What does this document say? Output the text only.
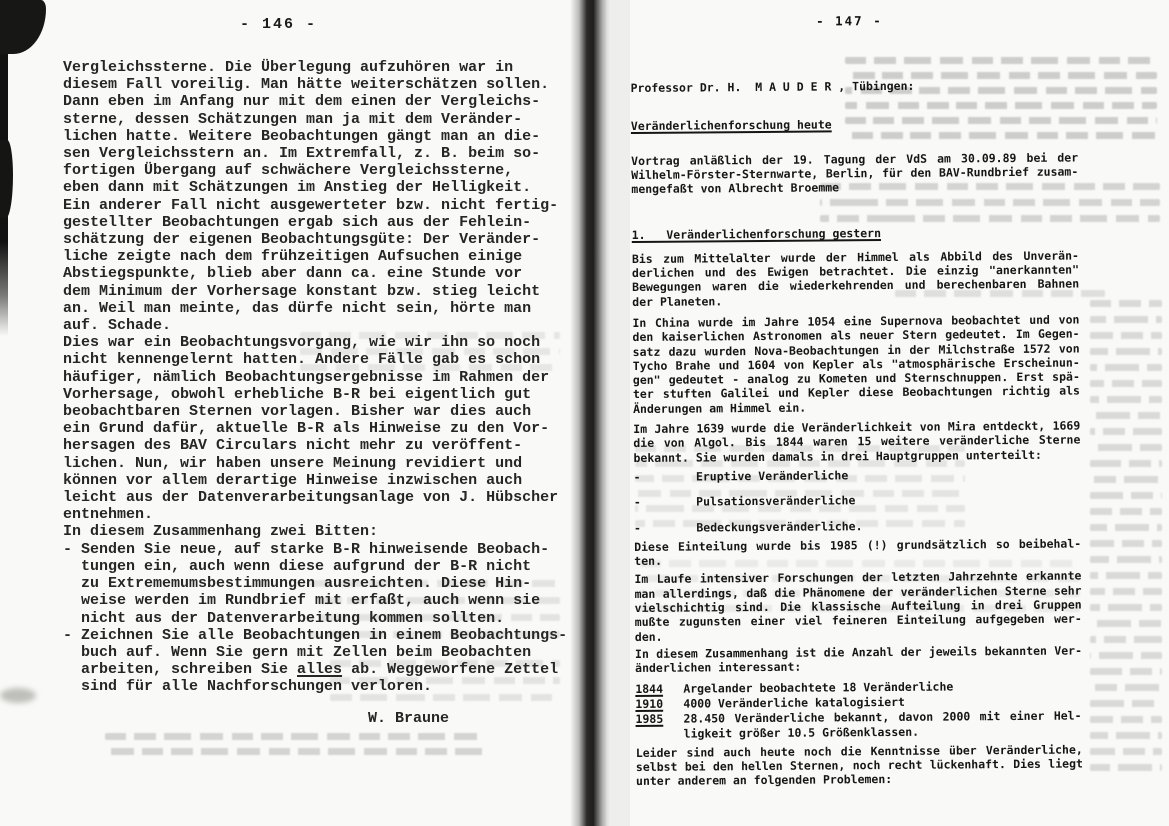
- 146 -
Vergleichssterne. Die Überlegung aufzuhören war in
diesem Fall voreilig. Man hätte weiterschätzen sollen.
Dann eben im Anfang nur mit dem einen der Vergleichs-
sterne, dessen Schätzungen man ja mit dem Veränder-
lichen hatte. Weitere Beobachtungen gängt man an die-
sen Vergleichsstern an. Im Extremfall, z. B. beim so-
fortigen Übergang auf schwächere Vergleichssterne,
eben dann mit Schätzungen im Anstieg der Helligkeit.
Ein anderer Fall nicht ausgewerteter bzw. nicht fertig-
gestellter Beobachtungen ergab sich aus der Fehlein-
schätzung der eigenen Beobachtungsgüte: Der Veränder-
liche zeigte nach dem frühzeitigen Aufsuchen einige
Abstiegspunkte, blieb aber dann ca. eine Stunde vor
dem Minimum der Vorhersage konstant bzw. stieg leicht
an. Weil man meinte, das dürfe nicht sein, hörte man
auf. Schade.
Dies war ein Beobachtungsvorgang, wie wir ihn so noch
nicht kennengelernt hatten. Andere Fälle gab es schon
häufiger, nämlich Beobachtungsergebnisse im Rahmen der
Vorhersage, obwohl erhebliche B-R bei eigentlich gut
beobachtbaren Sternen vorlagen. Bisher war dies auch
ein Grund dafür, aktuelle B-R als Hinweise zu den Vor-
hersagen des BAV Circulars nicht mehr zu veröffent-
lichen. Nun, wir haben unsere Meinung revidiert und
können vor allem derartige Hinweise inzwischen auch
leicht aus der Datenverarbeitungsanlage von J. Hübscher
entnehmen.
In diesem Zusammenhang zwei Bitten:
- Senden Sie neue, auf starke B-R hinweisende Beobach-
tungen ein, auch wenn diese aufgrund der B-R nicht
zu Extrememumsbestimmungen ausreichten. Diese Hin-
weise werden im Rundbrief mit erfaßt, auch wenn sie
nicht aus der Datenverarbeitung kommen sollten.
- Zeichnen Sie alle Beobachtungen in einem Beobachtungs-
buch auf. Wenn Sie gern mit Zellen beim Beobachten
arbeiten, schreiben Sie alles ab. Weggeworfene Zettel
sind für alle Nachforschungen verloren.
W. Braune
- 147 -
Professor Dr. H.  M A U D E R , Tübingen:
Veränderlichenforschung heute
Vortrag anläßlich der 19. Tagung der VdS am 30.09.89 bei der
Wilhelm-Förster-Sternwarte, Berlin, für den BAV-Rundbrief zusam-
mengefaßt von Albrecht Broemme
1.   Veränderlichenforschung gestern
Bis zum Mittelalter wurde der Himmel als Abbild des Unverän-
derlichen und des Ewigen betrachtet. Die einzig "anerkannten"
Bewegungen waren die wiederkehrenden und berechenbaren Bahnen
der Planeten.
In China wurde im Jahre 1054 eine Supernova beobachtet und von
den kaiserlichen Astronomen als neuer Stern gedeutet. Im Gegen-
satz dazu wurden Nova-Beobachtungen in der Milchstraße 1572 von
Tycho Brahe und 1604 von Kepler als "atmosphärische Erscheinun-
gen" gedeutet - analog zu Kometen und Sternschnuppen. Erst spä-
ter stuften Galilei und Kepler diese Beobachtungen richtig als
Änderungen am Himmel ein.
Im Jahre 1639 wurde die Veränderlichkeit von Mira entdeckt, 1669
die von Algol. Bis 1844 waren 15 weitere veränderliche Sterne
bekannt. Sie wurden damals in drei Hauptgruppen unterteilt:
-        Eruptive Veränderliche
-        Pulsationsveränderliche
-        Bedeckungsveränderliche.
Diese Einteilung wurde bis 1985 (!) grundsätzlich so beibehal-
ten.
Im Laufe intensiver Forschungen der letzten Jahrzehnte erkannte
man allerdings, daß die Phänomene der veränderlichen Sterne sehr
vielschichtig sind. Die klassische Aufteilung in drei Gruppen
mußte zugunsten einer viel feineren Einteilung aufgegeben wer-
den.
In diesem Zusammenhang ist die Anzahl der jeweils bekannten Ver-
änderlichen interessant:
1844 Argelander beobachtete 18 Veränderliche
1910 4000 Veränderliche katalogisiert
1985 28.450 Veränderliche bekannt, davon 2000 mit einer Hel-
ligkeit größer 10.5 Größenklassen.
Leider sind auch heute noch die Kenntnisse über Veränderliche,
selbst bei den hellen Sternen, noch recht lückenhaft. Dies liegt
unter anderem an folgenden Problemen:
